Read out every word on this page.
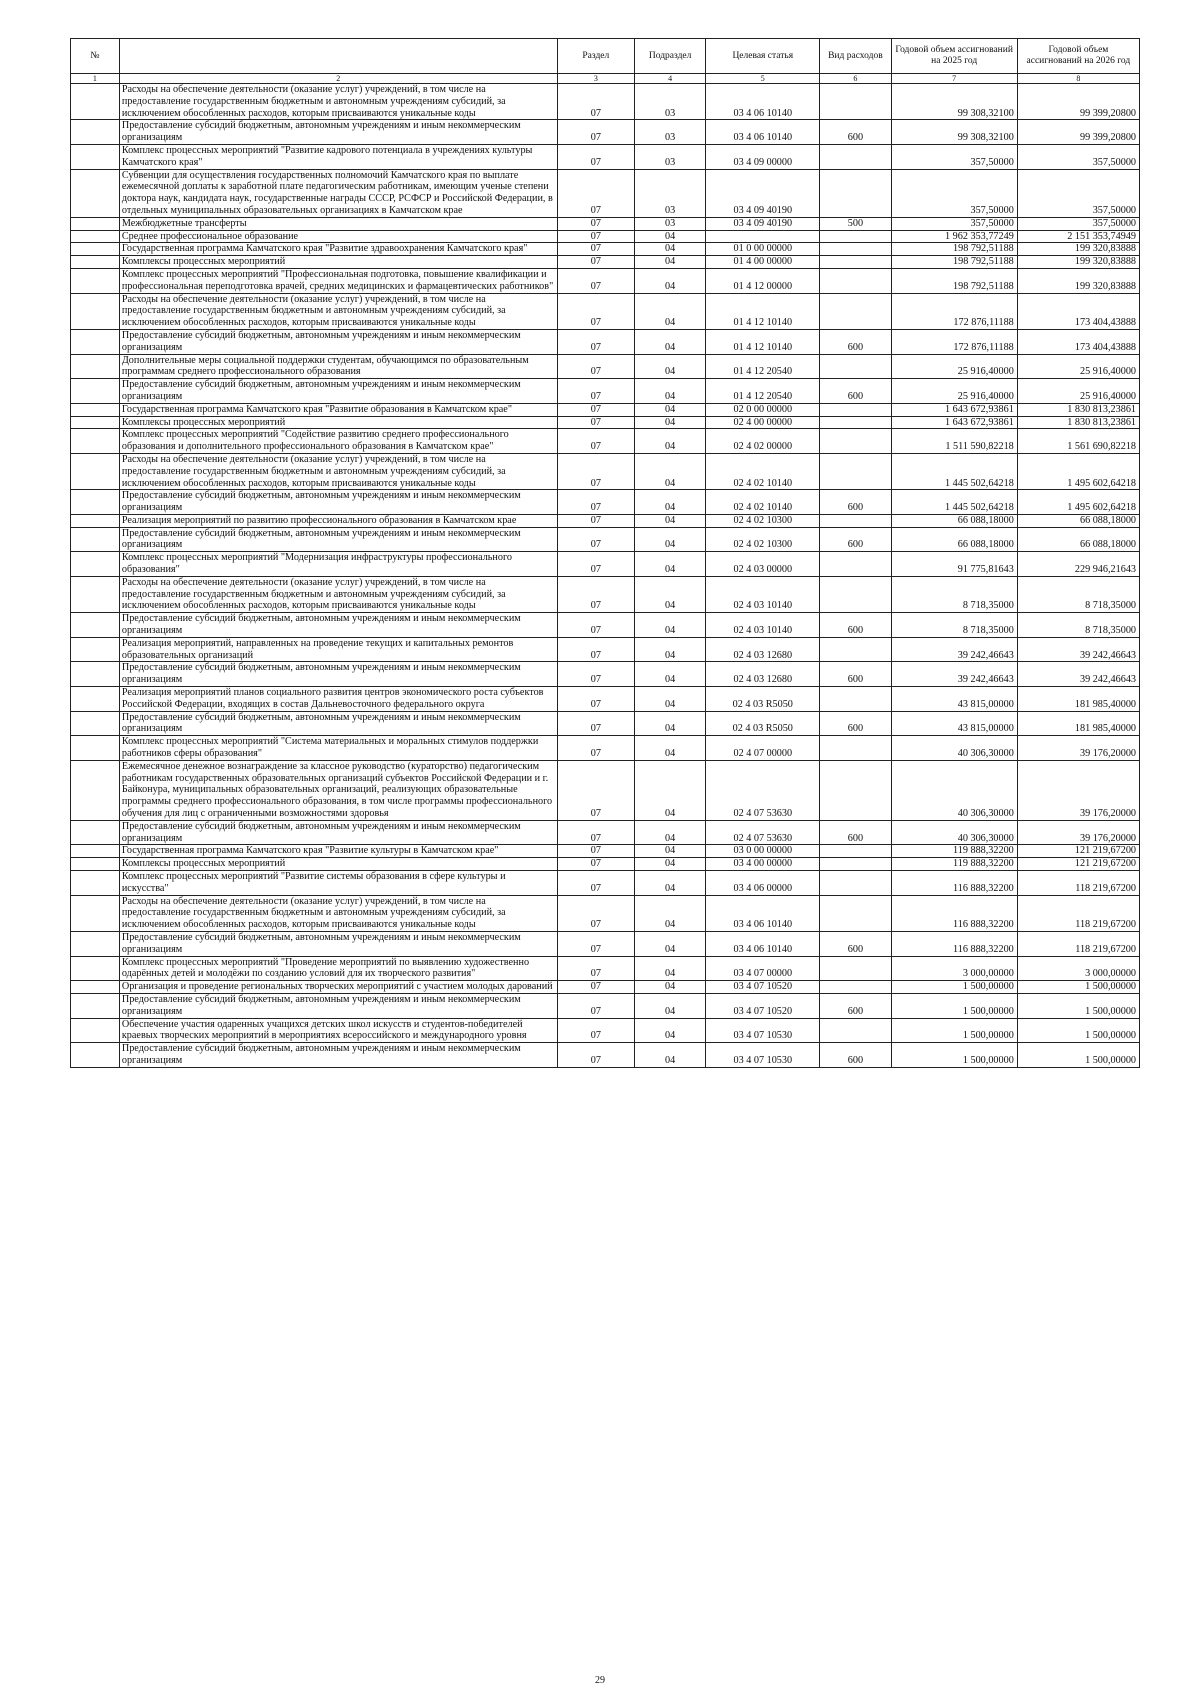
№		Раздел	Подраздел	Целевая статья	Вид расходов	Годовой объем ассигнований на 2025 год	Годовой объем ассигнований на 2026 год
1	2	3	4	5	6	7	8
	Расходы на обеспечение деятельности (оказание услуг) учреждений, в том числе на предоставление государственным бюджетным и автономным учреждениям субсидий, за исключением обособленных расходов, которым присваиваются уникальные коды	07	03	03 4 06 10140		99 308,32100	99 399,20800
	Предоставление субсидий бюджетным, автономным учреждениям и иным некоммерческим организациям	07	03	03 4 06 10140	600	99 308,32100	99 399,20800
	Комплекс процессных мероприятий "Развитие кадрового потенциала в учреждениях культуры Камчатского края"	07	03	03 4 09 00000		357,50000	357,50000
	Субвенции для осуществления государственных полномочий Камчатского края по выплате ежемесячной доплаты к заработной плате педагогическим работникам, имеющим ученые степени доктора наук, кандидата наук, государственные награды СССР, РСФСР и Российской Федерации, в отдельных муниципальных образовательных организациях в Камчатском крае	07	03	03 4 09 40190		357,50000	357,50000
	Межбюджетные трансферты	07	03	03 4 09 40190	500	357,50000	357,50000
	Среднее профессиональное образование	07	04			1 962 353,77249	2 151 353,74949
	Государственная программа Камчатского края "Развитие здравоохранения Камчатского края"	07	04	01 0 00 00000		198 792,51188	199 320,83888
	Комплексы процессных мероприятий	07	04	01 4 00 00000		198 792,51188	199 320,83888
	Комплекс процессных мероприятий "Профессиональная подготовка, повышение квалификации и профессиональная переподготовка врачей, средних медицинских и фармацевтических работников"	07	04	01 4 12 00000		198 792,51188	199 320,83888
	Расходы на обеспечение деятельности (оказание услуг) учреждений, в том числе на предоставление государственным бюджетным и автономным учреждениям субсидий, за исключением обособленных расходов, которым присваиваются уникальные коды	07	04	01 4 12 10140		172 876,11188	173 404,43888
	Предоставление субсидий бюджетным, автономным учреждениям и иным некоммерческим организациям	07	04	01 4 12 10140	600	172 876,11188	173 404,43888
	Дополнительные меры социальной поддержки студентам, обучающимся по образовательным программам среднего профессионального образования	07	04	01 4 12 20540		25 916,40000	25 916,40000
	Предоставление субсидий бюджетным, автономным учреждениям и иным некоммерческим организациям	07	04	01 4 12 20540	600	25 916,40000	25 916,40000
	Государственная программа Камчатского края "Развитие образования в Камчатском крае"	07	04	02 0 00 00000		1 643 672,93861	1 830 813,23861
	Комплексы процессных мероприятий	07	04	02 4 00 00000		1 643 672,93861	1 830 813,23861
	Комплекс процессных мероприятий "Содействие развитию среднего профессионального образования и дополнительного профессионального образования в Камчатском крае"	07	04	02 4 02 00000		1 511 590,82218	1 561 690,82218
	Расходы на обеспечение деятельности (оказание услуг) учреждений, в том числе на предоставление государственным бюджетным и автономным учреждениям субсидий, за исключением обособленных расходов, которым присваиваются уникальные коды	07	04	02 4 02 10140		1 445 502,64218	1 495 602,64218
	Предоставление субсидий бюджетным, автономным учреждениям и иным некоммерческим организациям	07	04	02 4 02 10140	600	1 445 502,64218	1 495 602,64218
	Реализация мероприятий по развитию профессионального образования в Камчатском крае	07	04	02 4 02 10300		66 088,18000	66 088,18000
	Предоставление субсидий бюджетным, автономным учреждениям и иным некоммерческим организациям	07	04	02 4 02 10300	600	66 088,18000	66 088,18000
	Комплекс процессных мероприятий "Модернизация инфраструктуры профессионального образования"	07	04	02 4 03 00000		91 775,81643	229 946,21643
	Расходы на обеспечение деятельности (оказание услуг) учреждений, в том числе на предоставление государственным бюджетным и автономным учреждениям субсидий, за исключением обособленных расходов, которым присваиваются уникальные коды	07	04	02 4 03 10140		8 718,35000	8 718,35000
	Предоставление субсидий бюджетным, автономным учреждениям и иным некоммерческим организациям	07	04	02 4 03 10140	600	8 718,35000	8 718,35000
	Реализация мероприятий, направленных на проведение текущих и капитальных ремонтов образовательных организаций	07	04	02 4 03 12680		39 242,46643	39 242,46643
	Предоставление субсидий бюджетным, автономным учреждениям и иным некоммерческим организациям	07	04	02 4 03 12680	600	39 242,46643	39 242,46643
	Реализация мероприятий планов социального развития центров экономического роста субъектов Российской Федерации, входящих в состав Дальневосточного федерального округа	07	04	02 4 03 R5050		43 815,00000	181 985,40000
	Предоставление субсидий бюджетным, автономным учреждениям и иным некоммерческим организациям	07	04	02 4 03 R5050	600	43 815,00000	181 985,40000
	Комплекс процессных мероприятий "Система материальных и моральных стимулов поддержки работников сферы образования"	07	04	02 4 07 00000		40 306,30000	39 176,20000
	Ежемесячное денежное вознаграждение за классное руководство (кураторство) педагогическим работникам государственных образовательных организаций субъектов Российской Федерации и г. Байконура, муниципальных образовательных организаций, реализующих образовательные программы среднего профессионального образования, в том числе программы профессионального обучения для лиц с ограниченными возможностями здоровья	07	04	02 4 07 53630		40 306,30000	39 176,20000
	Предоставление субсидий бюджетным, автономным учреждениям и иным некоммерческим организациям	07	04	02 4 07 53630	600	40 306,30000	39 176,20000
	Государственная программа Камчатского края "Развитие культуры в Камчатском крае"	07	04	03 0 00 00000		119 888,32200	121 219,67200
	Комплексы процессных мероприятий	07	04	03 4 00 00000		119 888,32200	121 219,67200
	Комплекс процессных мероприятий "Развитие системы образования в сфере культуры и искусства"	07	04	03 4 06 00000		116 888,32200	118 219,67200
	Расходы на обеспечение деятельности (оказание услуг) учреждений, в том числе на предоставление государственным бюджетным и автономным учреждениям субсидий, за исключением обособленных расходов, которым присваиваются уникальные коды	07	04	03 4 06 10140		116 888,32200	118 219,67200
	Предоставление субсидий бюджетным, автономным учреждениям и иным некоммерческим организациям	07	04	03 4 06 10140	600	116 888,32200	118 219,67200
	Комплекс процессных мероприятий "Проведение мероприятий по выявлению художественно одарённых детей и молодёжи по созданию условий для их творческого развития"	07	04	03 4 07 00000		3 000,00000	3 000,00000
	Организация и проведение региональных творческих мероприятий с участием молодых дарований	07	04	03 4 07 10520		1 500,00000	1 500,00000
	Предоставление субсидий бюджетным, автономным учреждениям и иным некоммерческим организациям	07	04	03 4 07 10520	600	1 500,00000	1 500,00000
	Обеспечение участия одаренных учащихся детских школ искусств и студентов-победителей краевых творческих мероприятий в мероприятиях всероссийского и международного уровня	07	04	03 4 07 10530		1 500,00000	1 500,00000
	Предоставление субсидий бюджетным, автономным учреждениям и иным некоммерческим организациям	07	04	03 4 07 10530	600	1 500,00000	1 500,00000
29
